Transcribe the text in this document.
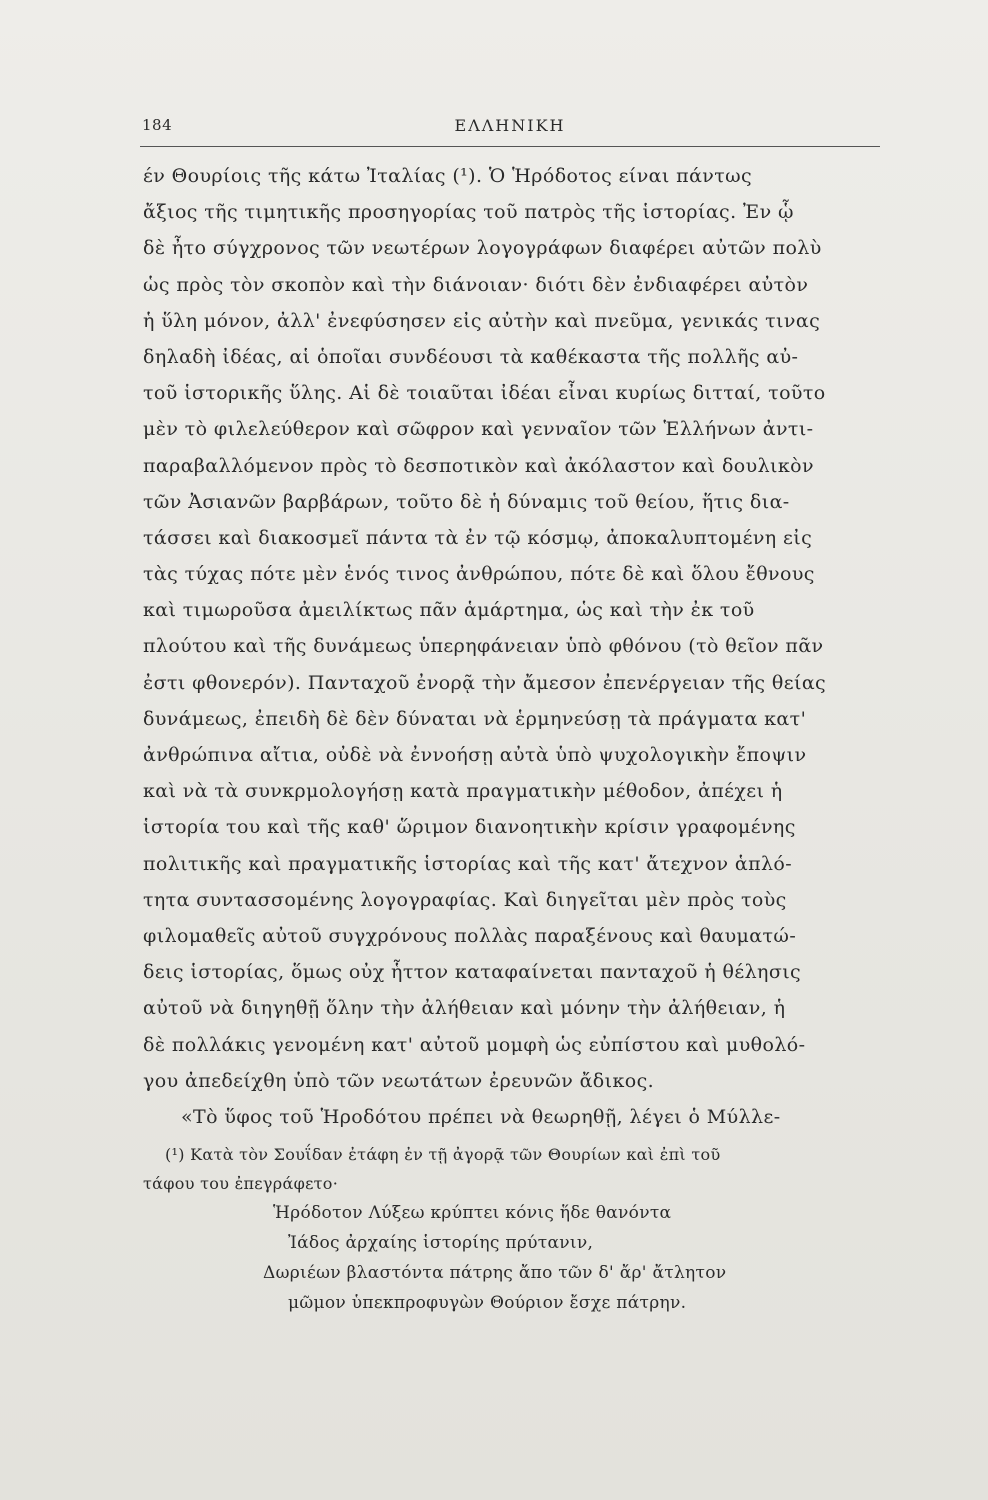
184	ΕΛΛΗΝΙΚΗ
έν Θουρίοις τῆς κάτω Ἰταλίας (¹). Ὁ Ἡρόδοτος είναι πάντως
ἄξιος τῆς τιμητικῆς προσηγορίας τοῦ πατρὸς τῆς ἱστορίας. Ἐν ᾧ
δὲ ἦτο σύγχρονος τῶν νεωτέρων λογογράφων διαφέρει αὐτῶν πολὺ
ὡς πρὸς τὸν σκοπὸν καὶ τὴν διάνοιαν· διότι δὲν ἐνδιαφέρει αὐτὸν
ἡ ὕλη μόνον, ἀλλ' ἐνεφύσησεν εἰς αὐτὴν καὶ πνεῦμα, γενικάς τινας
δηλαδὴ ἰδέας, αἱ ὁποῖαι συνδέουσι τὰ καθέκαστα τῆς πολλῆς αὐ-
τοῦ ἱστορικῆς ὕλης. Αἱ δὲ τοιαῦται ἰδέαι εἶναι κυρίως διτταί, τοῦτο
μὲν τὸ φιλελεύθερον καὶ σῶφρον καὶ γενναῖον τῶν Ἑλλήνων ἀντι-
παραβαλλόμενον πρὸς τὸ δεσποτικὸν καὶ ἀκόλαστον καὶ δουλικὸν
τῶν Ἀσιανῶν βαρβάρων, τοῦτο δὲ ἡ δύναμις τοῦ θείου, ἥτις δια-
τάσσει καὶ διακοσμεῖ πάντα τὰ ἐν τῷ κόσμῳ, ἀποκαλυπτομένη εἰς
τὰς τύχας πότε μὲν ἑνός τινος ἀνθρώπου, πότε δὲ καὶ ὅλου ἔθνους
καὶ τιμωροῦσα ἀμειλίκτως πᾶν ἁμάρτημα, ὡς καὶ τὴν ἐκ τοῦ
πλούτου καὶ τῆς δυνάμεως ὑπερηφάνειαν ὑπὸ φθόνου (τὸ θεῖον πᾶν
ἐστι φθονερόν). Πανταχοῦ ἐνορᾷ τὴν ἄμεσον ἐπενέργειαν τῆς θείας
δυνάμεως, ἐπειδὴ δὲ δὲν δύναται νὰ ἑρμηνεύσῃ τὰ πράγματα κατ'
ἀνθρώπινα αἴτια, οὐδὲ νὰ ἐννοήσῃ αὐτὰ ὑπὸ ψυχολογικὴν ἔποψιν
καὶ νὰ τὰ συνκρμολογήσῃ κατὰ πραγματικὴν μέθοδον, ἀπέχει ἡ
ἱστορία του καὶ τῆς καθ' ὥριμον διανοητικὴν κρίσιν γραφομένης
πολιτικῆς καὶ πραγματικῆς ἱστορίας καὶ τῆς κατ' ἄτεχνον ἁπλό-
τητα συντασσομένης λογογραφίας. Καὶ διηγεῖται μὲν πρὸς τοὺς
φιλομαθεῖς αὐτοῦ συγχρόνους πολλὰς παραξένους καὶ θαυματώ-
δεις ἱστορίας, ὅμως οὐχ ἧττον καταφαίνεται πανταχοῦ ἡ θέλησις
αὐτοῦ νὰ διηγηθῇ ὅλην τὴν ἀλήθειαν καὶ μόνην τὴν ἀλήθειαν, ἡ
δὲ πολλάκις γενομένη κατ' αὐτοῦ μομφὴ ὡς εὐπίστου καὶ μυθολό-
γου ἀπεδείχθη ὑπὸ τῶν νεωτάτων ἐρευνῶν ἄδικος.
«Τὸ ὕφος τοῦ Ἡροδότου πρέπει νὰ θεωρηθῇ, λέγει ὁ Μύλλε-
(¹) Κατὰ τὸν Σουΐδαν ἐτάφη ἐν τῇ ἀγορᾷ τῶν Θουρίων καὶ ἐπὶ τοῦ
τάφου του ἐπεγράφετο·
Ἡρόδοτον Λύξεω κρύπτει κόνις ἥδε θανόντα
Ἰάδος ἀρχαίης ἱστορίης πρύτανιν,
Δωριέων βλαστόντα πάτρης ἄπο τῶν δ' ἄρ' ἄτλητον
μῶμον ὑπεκπροφυγὼν Θούριον ἔσχε πάτρην.
